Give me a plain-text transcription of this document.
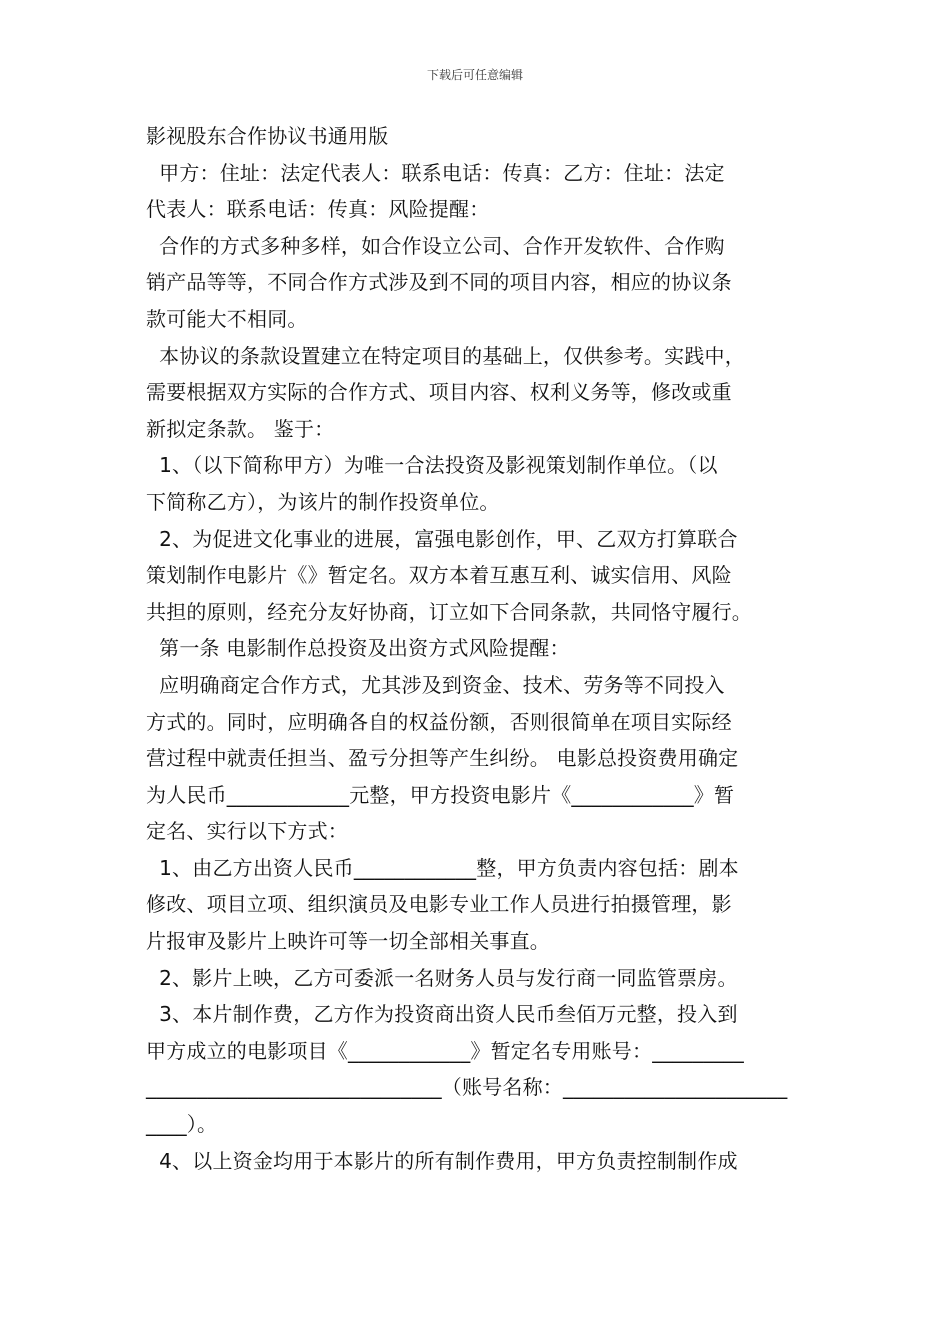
下载后可任意编辑
影视股东合作协议书通用版
甲方：住址：法定代表人：联系电话：传真：乙方：住址：法定
代表人：联系电话：传真：风险提醒：
合作的方式多种多样，如合作设立公司、合作开发软件、合作购
销产品等等，不同合作方式涉及到不同的项目内容，相应的协议条
款可能大不相同。
本协议的条款设置建立在特定项目的基础上，仅供参考。实践中，
需要根据双方实际的合作方式、项目内容、权利义务等，修改或重
新拟定条款。 鉴于：
1、（以下简称甲方）为唯一合法投资及影视策划制作单位。（以
下简称乙方），为该片的制作投资单位。
2、为促进文化事业的进展，富强电影创作，甲、乙双方打算联合
策划制作电影片《》暂定名。双方本着互惠互利、诚实信用、风险
共担的原则，经充分友好协商，订立如下合同条款，共同恪守履行。
第一条 电影制作总投资及出资方式风险提醒：
应明确商定合作方式，尤其涉及到资金、技术、劳务等不同投入
方式的。同时，应明确各自的权益份额，否则很简单在项目实际经
营过程中就责任担当、盈亏分担等产生纠纷。 电影总投资费用确定
为人民币____________元整，甲方投资电影片《____________》暂
定名、实行以下方式：
1、由乙方出资人民币____________整，甲方负责内容包括：剧本
修改、项目立项、组织演员及电影专业工作人员进行拍摄管理，影
片报审及影片上映许可等一切全部相关事直。
2、影片上映，乙方可委派一名财务人员与发行商一同监管票房。
3、本片制作费，乙方作为投资商出资人民币叁佰万元整，投入到
甲方成立的电影项目《____________》暂定名专用账号：_________
_____________________________（账号名称：______________________
____）。
4、以上资金均用于本影片的所有制作费用，甲方负责控制制作成
